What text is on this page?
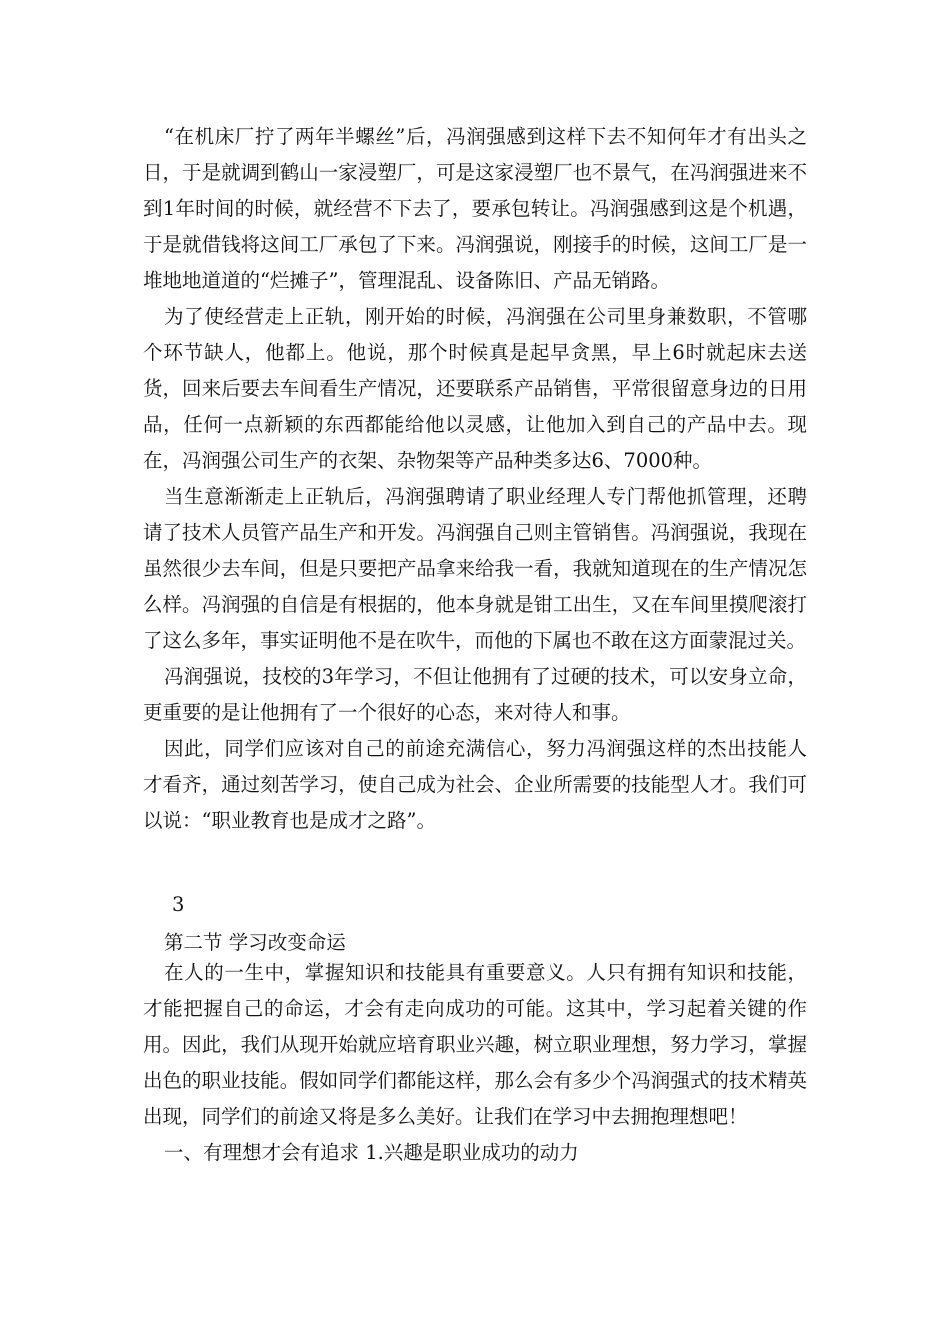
“在机床厂拧了两年半螺丝”后，冯润强感到这样下去不知何年才有出头之日，于是就调到鹤山一家浸塑厂，可是这家浸塑厂也不景气，在冯润强进来不到1年时间的时候，就经营不下去了，要承包转让。冯润强感到这是个机遇，于是就借钱将这间工厂承包了下来。冯润强说，刚接手的时候，这间工厂是一堆地地道道的“烂摊子”，管理混乱、设备陈旧、产品无销路。

为了使经营走上正轨，刚开始的时候，冯润强在公司里身兼数职，不管哪个环节缺人，他都上。他说，那个时候真是起早贪黑，早上6时就起床去送货，回来后要去车间看生产情况，还要联系产品销售，平常很留意身边的日用品，任何一点新颖的东西都能给他以灵感，让他加入到自己的产品中去。现在，冯润强公司生产的衣架、杂物架等产品种类多达6、7000种。

当生意渐渐走上正轨后，冯润强聘请了职业经理人专门帮他抓管理，还聘请了技术人员管产品生产和开发。冯润强自己则主管销售。冯润强说，我现在虽然很少去车间，但是只要把产品拿来给我一看，我就知道现在的生产情况怎么样。冯润强的自信是有根据的，他本身就是钳工出生，又在车间里摸爬滚打了这么多年，事实证明他不是在吹牛，而他的下属也不敢在这方面蒙混过关。

冯润强说，技校的3年学习，不但让他拥有了过硬的技术，可以安身立命，更重要的是让他拥有了一个很好的心态，来对待人和事。

因此，同学们应该对自己的前途充满信心，努力冯润强这样的杰出技能人才看齐，通过刻苦学习，使自己成为社会、企业所需要的技能型人才。我们可以说：“职业教育也是成才之路”。

3
第二节 学习改变命运

在人的一生中，掌握知识和技能具有重要意义。人只有拥有知识和技能，才能把握自己的命运，才会有走向成功的可能。这其中，学习起着关键的作用。因此，我们从现开始就应培育职业兴趣，树立职业理想，努力学习，掌握出色的职业技能。假如同学们都能这样，那么会有多少个冯润强式的技术精英出现，同学们的前途又将是多么美好。让我们在学习中去拥抱理想吧！

一、有理想才会有追求 1.兴趣是职业成功的动力
